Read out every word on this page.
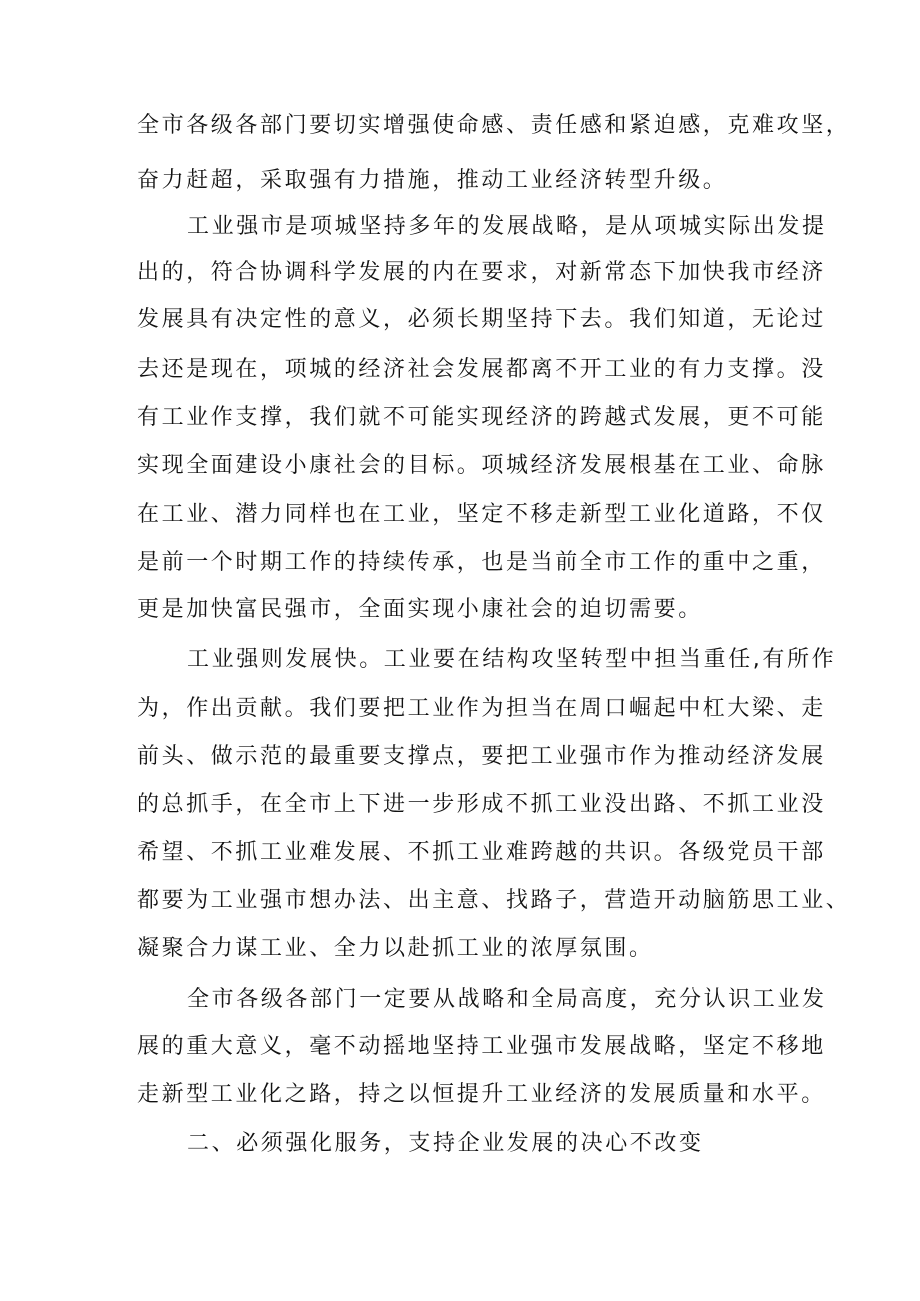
全市各级各部门要切实增强使命感、责任感和紧迫感，克难攻坚，
奋力赶超，采取强有力措施，推动工业经济转型升级。
工业强市是项城坚持多年的发展战略，是从项城实际出发提
出的，符合协调科学发展的内在要求，对新常态下加快我市经济
发展具有决定性的意义，必须长期坚持下去。我们知道，无论过
去还是现在，项城的经济社会发展都离不开工业的有力支撑。没
有工业作支撑，我们就不可能实现经济的跨越式发展，更不可能
实现全面建设小康社会的目标。项城经济发展根基在工业、命脉
在工业、潜力同样也在工业，坚定不移走新型工业化道路，不仅
是前一个时期工作的持续传承，也是当前全市工作的重中之重，
更是加快富民强市，全面实现小康社会的迫切需要。
工业强则发展快。工业要在结构攻坚转型中担当重任,有所作
为，作出贡献。我们要把工业作为担当在周口崛起中杠大梁、走
前头、做示范的最重要支撑点，要把工业强市作为推动经济发展
的总抓手，在全市上下进一步形成不抓工业没出路、不抓工业没
希望、不抓工业难发展、不抓工业难跨越的共识。各级党员干部
都要为工业强市想办法、出主意、找路子，营造开动脑筋思工业、
凝聚合力谋工业、全力以赴抓工业的浓厚氛围。
全市各级各部门一定要从战略和全局高度，充分认识工业发
展的重大意义，毫不动摇地坚持工业强市发展战略，坚定不移地
走新型工业化之路，持之以恒提升工业经济的发展质量和水平。
二、必须强化服务，支持企业发展的决心不改变
